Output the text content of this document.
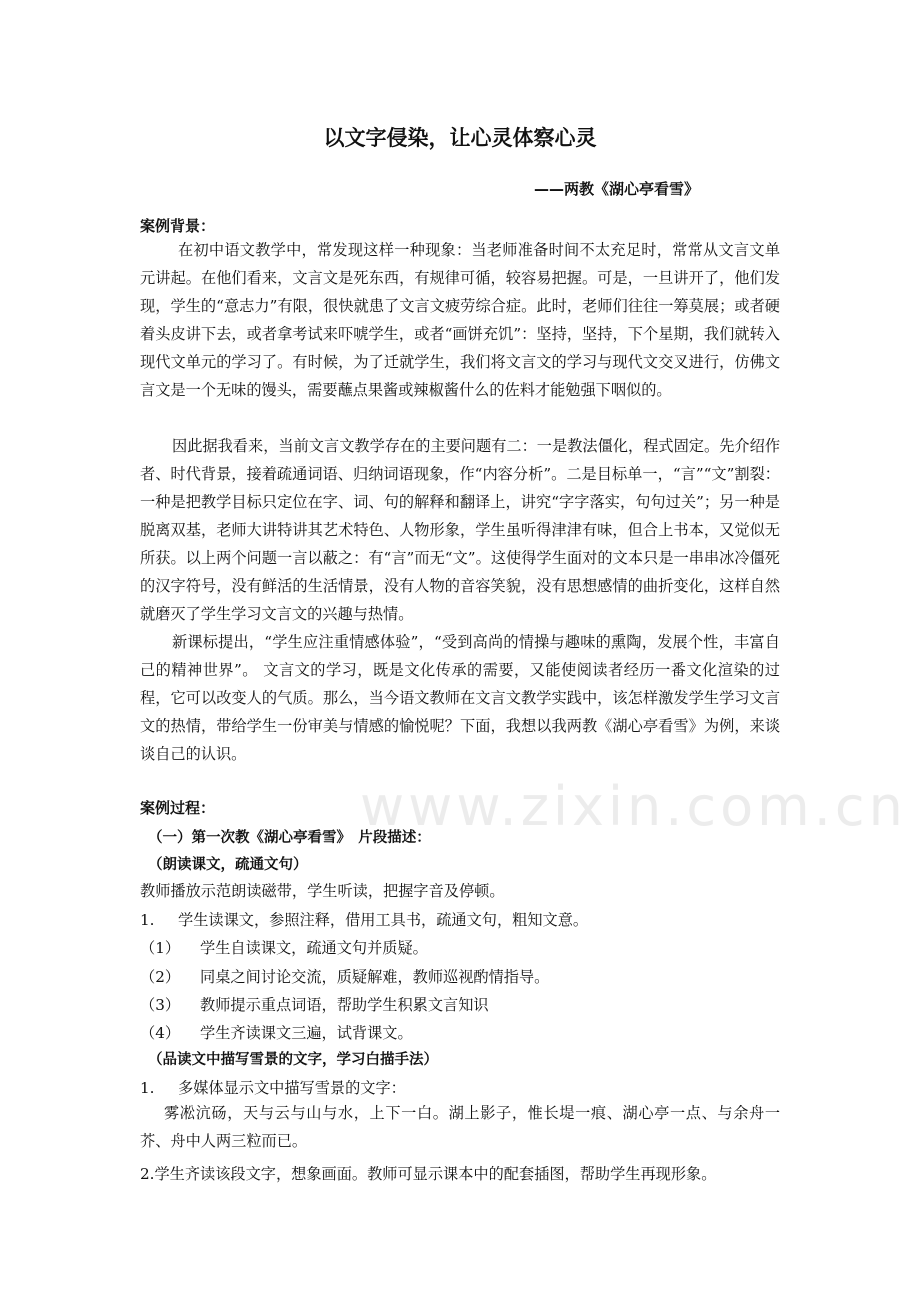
以文字侵染，让心灵体察心灵
——两教《湖心亭看雪》
案例背景：

在初中语文教学中，常发现这样一种现象：当老师准备时间不太充足时，常常从文言文单元讲起。在他们看来，文言文是死东西，有规律可循，较容易把握。可是，一旦讲开了，他们发现，学生的“意志力”有限，很快就患了文言文疲劳综合症。此时，老师们往往一筹莫展；或者硬着头皮讲下去，或者拿考试来吓唬学生，或者“画饼充饥”：坚持，坚持，下个星期，我们就转入现代文单元的学习了。有时候，为了迁就学生，我们将文言文的学习与现代文交叉进行，仿佛文言文是一个无味的馒头，需要蘸点果酱或辣椒酱什么的佐料才能勉强下咽似的。

因此据我看来，当前文言文教学存在的主要问题有二：一是教法僵化，程式固定。先介绍作者、时代背景，接着疏通词语、归纳词语现象，作“内容分析”。二是目标单一，“言”“文”割裂：一种是把教学目标只定位在字、词、句的解释和翻译上，讲究“字字落实，句句过关”；另一种是脱离双基，老师大讲特讲其艺术特色、人物形象，学生虽听得津津有味，但合上书本，又觉似无所获。以上两个问题一言以蔽之：有“言”而无“文”。这使得学生面对的文本只是一串串冰冷僵死的汉字符号，没有鲜活的生活情景，没有人物的音容笑貌，没有思想感情的曲折变化，这样自然就磨灭了学生学习文言文的兴趣与热情。

新课标提出，“学生应注重情感体验”，“受到高尚的情操与趣味的熏陶，发展个性，丰富自己的精神世界”。 文言文的学习，既是文化传承的需要，又能使阅读者经历一番文化渲染的过程，它可以改变人的气质。那么，当今语文教师在文言文教学实践中，该怎样激发学生学习文言文的热情，带给学生一份审美与情感的愉悦呢？下面，我想以我两教《湖心亭看雪》为例，来谈谈自己的认识。

www.zixin.com.cn
案例过程：
（一）第一次教《湖心亭看雪》　片段描述：
（朗读课文，疏通文句）
教师播放示范朗读磁带，学生听读，把握字音及停顿。
1. 学生读课文，参照注释，借用工具书，疏通文句，粗知文意。
（1） 学生自读课文，疏通文句并质疑。
（2） 同桌之间讨论交流，质疑解难，教师巡视酌情指导。
（3） 教师提示重点词语，帮助学生积累文言知识
（4） 学生齐读课文三遍，试背课文。
（品读文中描写雪景的文字，学习白描手法）
1. 多媒体显示文中描写雪景的文字：

雾凇沆砀，天与云与山与水，上下一白。湖上影子，惟长堤一痕、湖心亭一点、与余舟一芥、舟中人两三粒而已。

2.学生齐读该段文字，想象画面。教师可显示课本中的配套插图，帮助学生再现形象。
